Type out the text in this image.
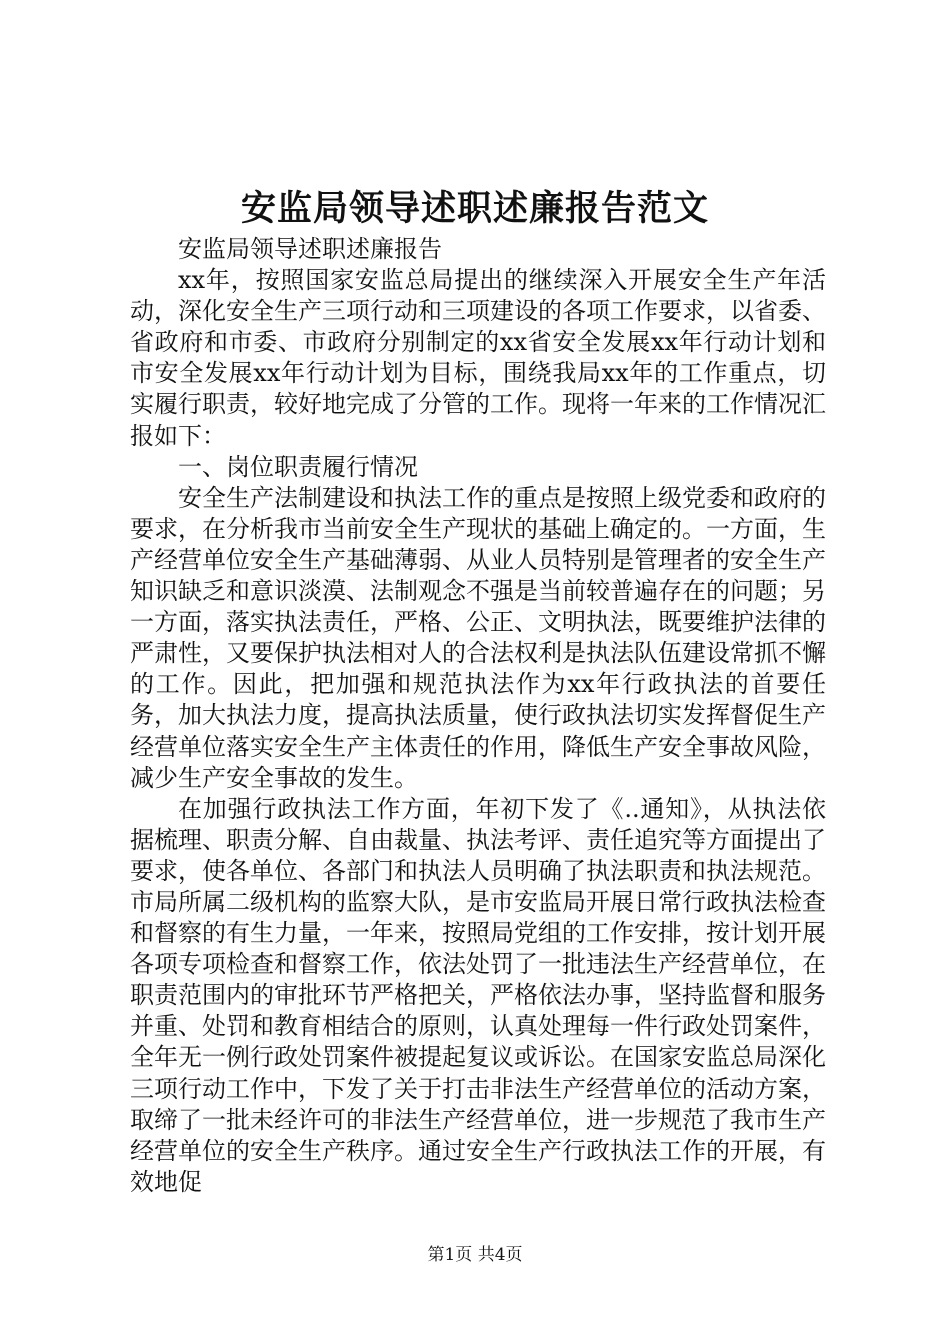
安监局领导述职述廉报告范文

安监局领导述职述廉报告

xx年，按照国家安监总局提出的继续深入开展安全生产年活动，深化安全生产三项行动和三项建设的各项工作要求，以省委、省政府和市委、市政府分别制定的xx省安全发展xx年行动计划和市安全发展xx年行动计划为目标，围绕我局xx年的工作重点，切实履行职责，较好地完成了分管的工作。现将一年来的工作情况汇报如下：

一、岗位职责履行情况

安全生产法制建设和执法工作的重点是按照上级党委和政府的要求，在分析我市当前安全生产现状的基础上确定的。一方面，生产经营单位安全生产基础薄弱、从业人员特别是管理者的安全生产知识缺乏和意识淡漠、法制观念不强是当前较普遍存在的问题；另一方面，落实执法责任，严格、公正、文明执法，既要维护法律的严肃性，又要保护执法相对人的合法权利是执法队伍建设常抓不懈的工作。因此，把加强和规范执法作为xx年行政执法的首要任务，加大执法力度，提高执法质量，使行政执法切实发挥督促生产经营单位落实安全生产主体责任的作用，降低生产安全事故风险，减少生产安全事故的发生。

在加强行政执法工作方面，年初下发了《..通知》，从执法依据梳理、职责分解、自由裁量、执法考评、责任追究等方面提出了要求，使各单位、各部门和执法人员明确了执法职责和执法规范。市局所属二级机构的监察大队，是市安监局开展日常行政执法检查和督察的有生力量，一年来，按照局党组的工作安排，按计划开展各项专项检查和督察工作，依法处罚了一批违法生产经营单位，在职责范围内的审批环节严格把关，严格依法办事，坚持监督和服务并重、处罚和教育相结合的原则，认真处理每一件行政处罚案件，全年无一例行政处罚案件被提起复议或诉讼。在国家安监总局深化三项行动工作中，下发了关于打击非法生产经营单位的活动方案，取缔了一批未经许可的非法生产经营单位，进一步规范了我市生产经营单位的安全生产秩序。通过安全生产行政执法工作的开展，有效地促

第1页 共4页
